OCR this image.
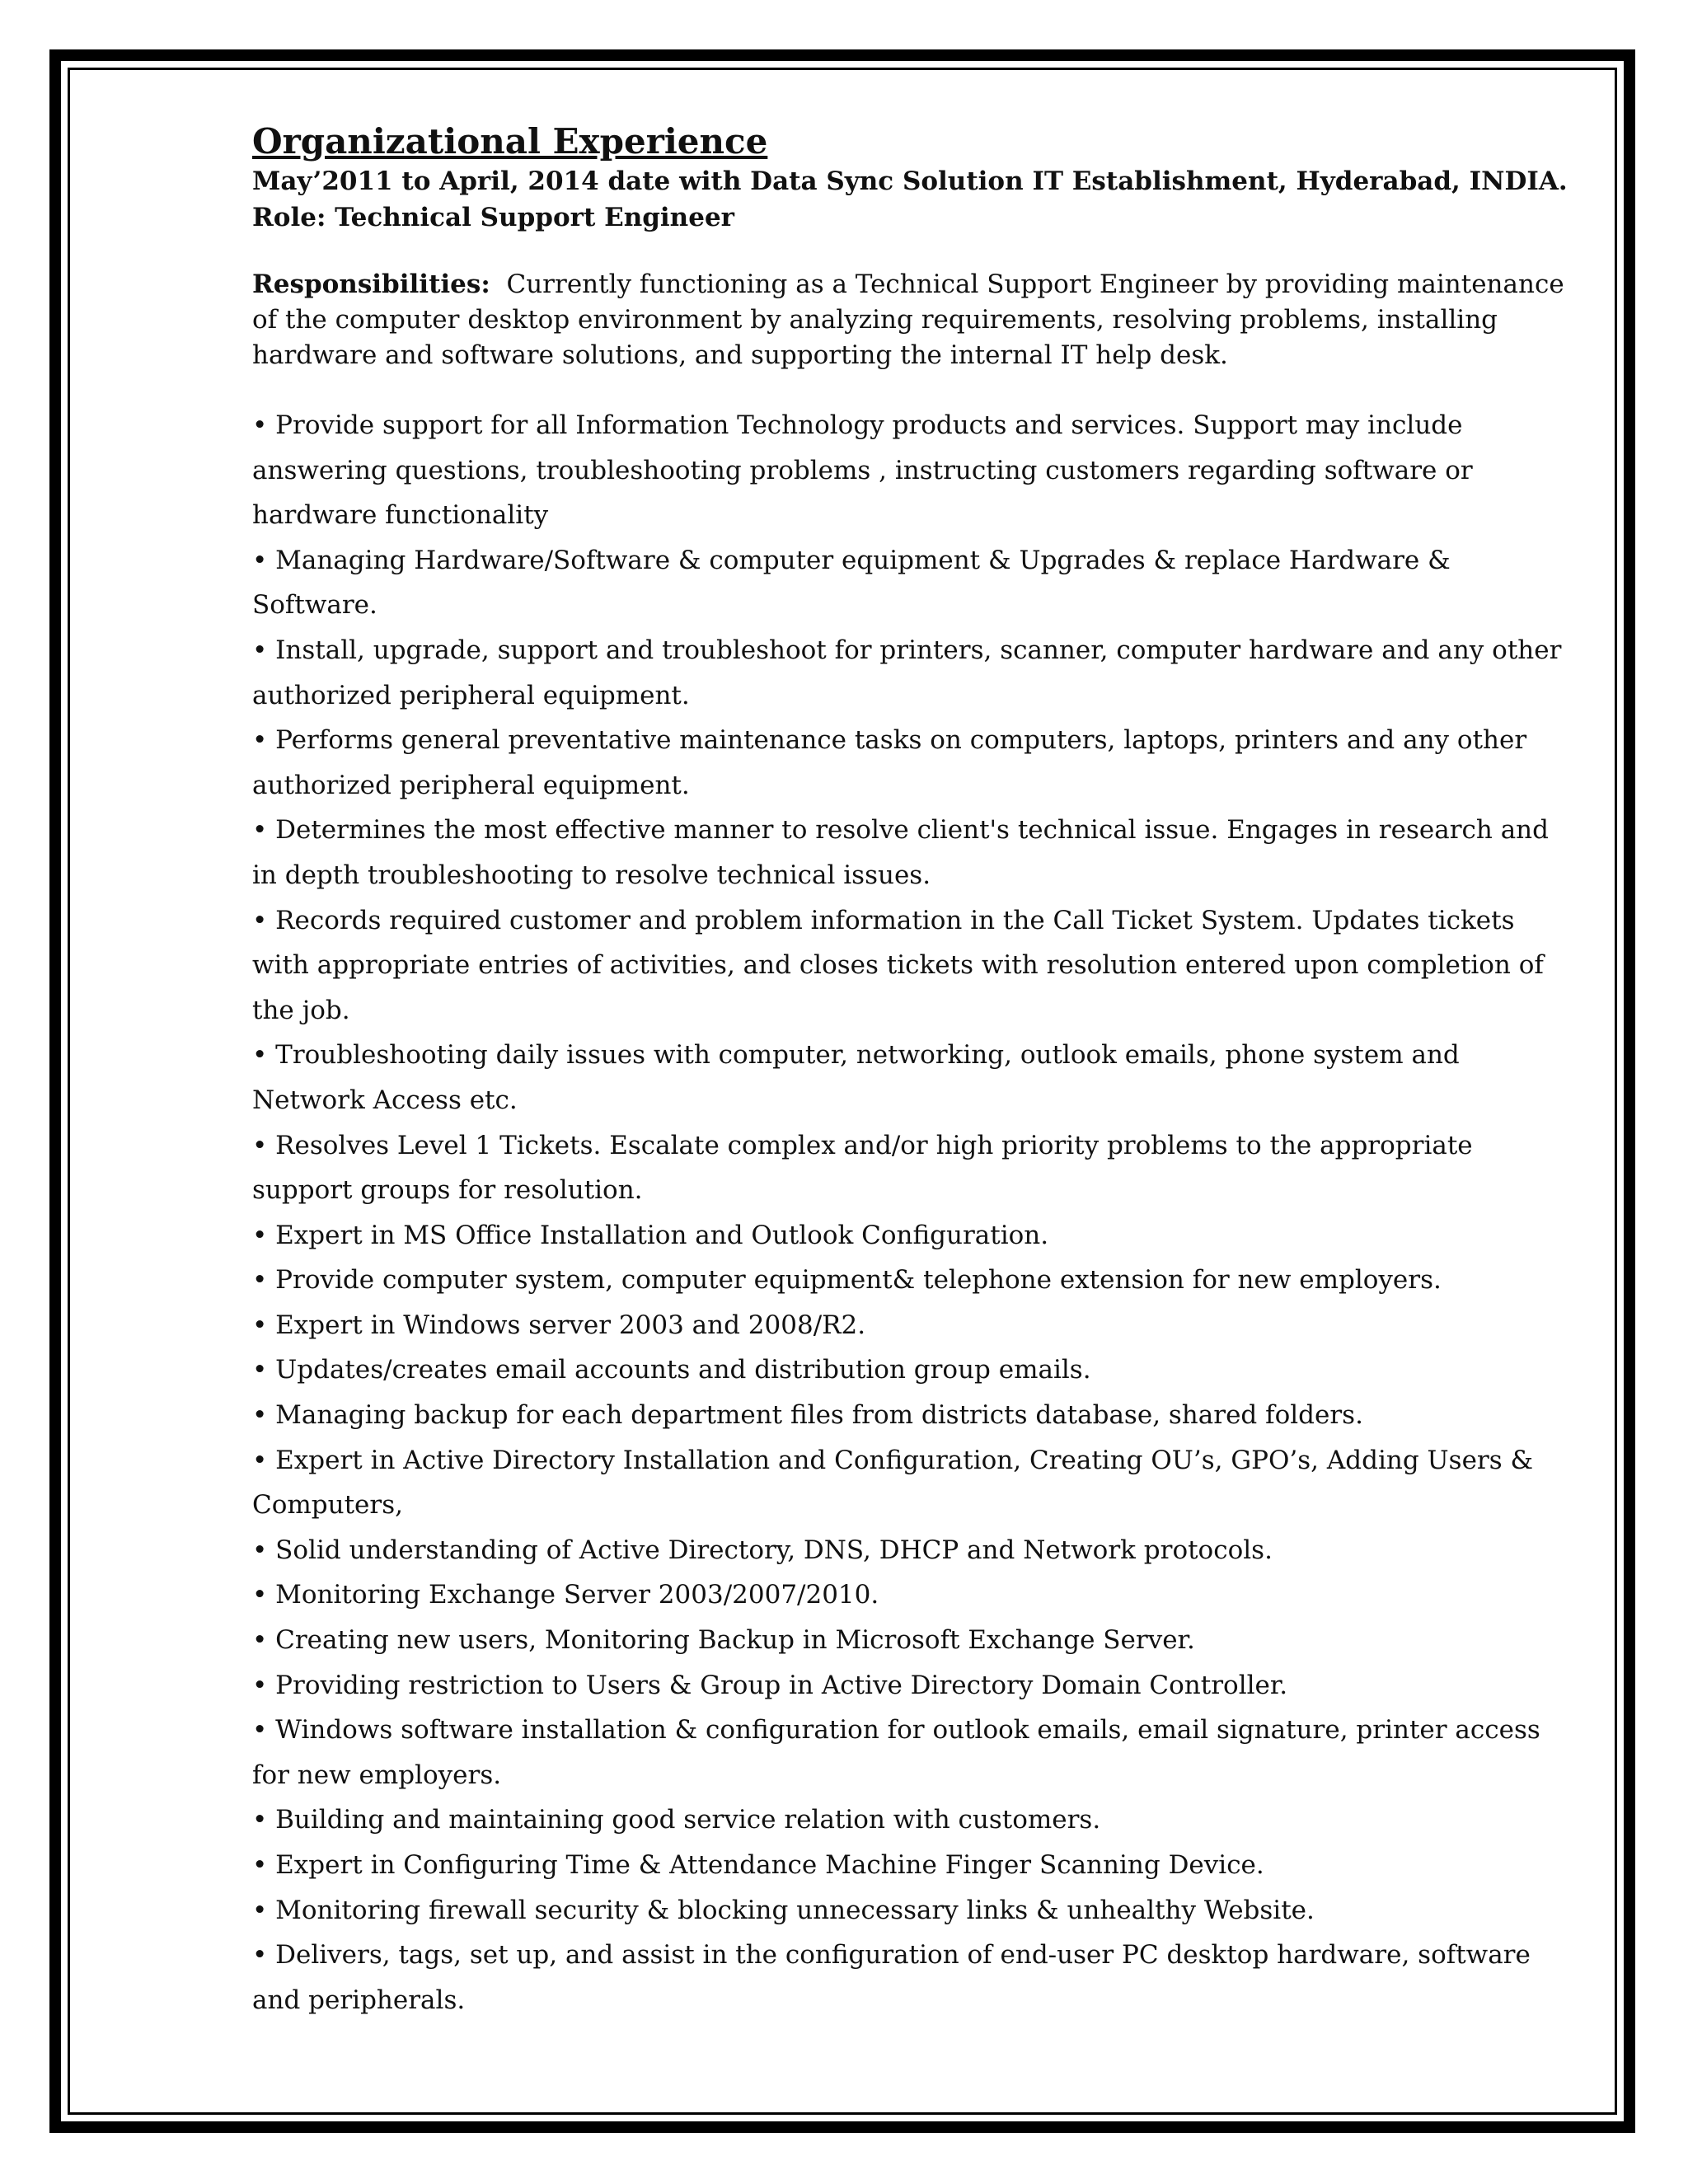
Organizational Experience

May’2011 to April, 2014 date with Data Sync Solution IT Establishment, Hyderabad, INDIA.

Role: Technical Support Engineer

Responsibilities: Currently functioning as a Technical Support Engineer by providing maintenance of the computer desktop environment by analyzing requirements, resolving problems, installing hardware and software solutions, and supporting the internal IT help desk.

• Provide support for all Information Technology products and services. Support may include answering questions, troubleshooting problems , instructing customers regarding software or hardware functionality
• Managing Hardware/Software & computer equipment & Upgrades & replace Hardware & Software.
• Install, upgrade, support and troubleshoot for printers, scanner, computer hardware and any other authorized peripheral equipment.
• Performs general preventative maintenance tasks on computers, laptops, printers and any other authorized peripheral equipment.
• Determines the most effective manner to resolve client's technical issue. Engages in research and in depth troubleshooting to resolve technical issues.
• Records required customer and problem information in the Call Ticket System. Updates tickets with appropriate entries of activities, and closes tickets with resolution entered upon completion of the job.
• Troubleshooting daily issues with computer, networking, outlook emails, phone system and Network Access etc.
• Resolves Level 1 Tickets. Escalate complex and/or high priority problems to the appropriate support groups for resolution.
• Expert in MS Office Installation and Outlook Configuration.
• Provide computer system, computer equipment& telephone extension for new employers.
• Expert in Windows server 2003 and 2008/R2.
• Updates/creates email accounts and distribution group emails.
• Managing backup for each department files from districts database, shared folders.
• Expert in Active Directory Installation and Configuration, Creating OU’s, GPO’s, Adding Users & Computers,
• Solid understanding of Active Directory, DNS, DHCP and Network protocols.
• Monitoring Exchange Server 2003/2007/2010.
• Creating new users, Monitoring Backup in Microsoft Exchange Server.
• Providing restriction to Users & Group in Active Directory Domain Controller.
• Windows software installation & configuration for outlook emails, email signature, printer access for new employers.
• Building and maintaining good service relation with customers.
• Expert in Configuring Time & Attendance Machine Finger Scanning Device.
• Monitoring firewall security & blocking unnecessary links & unhealthy Website.
• Delivers, tags, set up, and assist in the configuration of end-user PC desktop hardware, software and peripherals.
